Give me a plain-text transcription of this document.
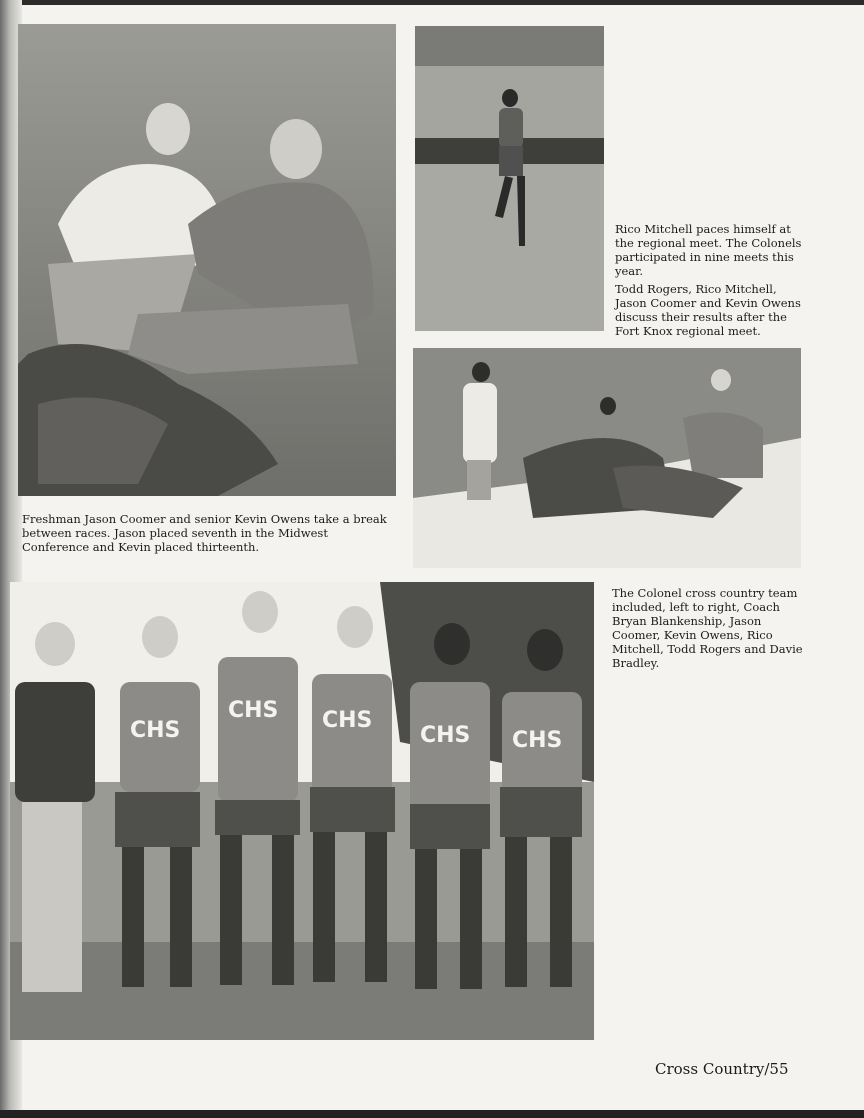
CHS
CHS CHS
CHS CHS

Freshman Jason Coomer and senior Kevin Owens take a break between races. Jason placed seventh in the Midwest Conference and Kevin placed thirteenth.

Rico Mitchell paces himself at the regional meet. The Colonels participated in nine meets this year.

Todd Rogers, Rico Mitchell, Jason Coomer and Kevin Owens discuss their results after the Fort Knox regional meet.

The Colonel cross country team included, left to right, Coach Bryan Blankenship, Jason Coomer, Kevin Owens, Rico Mitchell, Todd Rogers and Davie Bradley.

Cross Country/55
